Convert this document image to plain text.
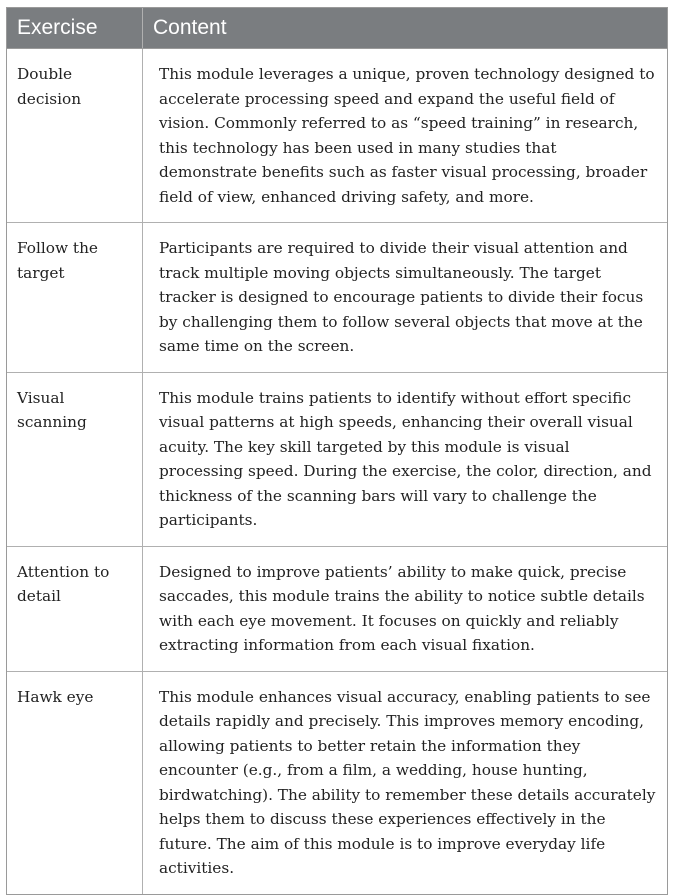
Exercise	Content
Double decision
This module leverages a unique, proven technology designed to accelerate processing speed and expand the useful field of vision. Commonly referred to as “speed training” in research, this technology has been used in many studies that demonstrate benefits such as faster visual processing, broader field of view, enhanced driving safety, and more.
Follow the target
Participants are required to divide their visual attention and track multiple moving objects simultaneously. The target tracker is designed to encourage patients to divide their focus by challenging them to follow several objects that move at the same time on the screen.
Visual scanning
This module trains patients to identify without effort specific visual patterns at high speeds, enhancing their overall visual acuity. The key skill targeted by this module is visual processing speed. During the exercise, the color, direction, and thickness of the scanning bars will vary to challenge the participants.
Attention to detail
Designed to improve patients’ ability to make quick, precise saccades, this module trains the ability to notice subtle details with each eye movement. It focuses on quickly and reliably extracting information from each visual fixation.
Hawk eye	This module enhances visual accuracy, enabling patients to see details rapidly and precisely. This improves memory encoding, allowing patients to better retain the information they encounter (e.g., from a film, a wedding, house hunting, birdwatching). The ability to remember these details accurately helps them to discuss these experiences effectively in the future. The aim of this module is to improve everyday life activities.
